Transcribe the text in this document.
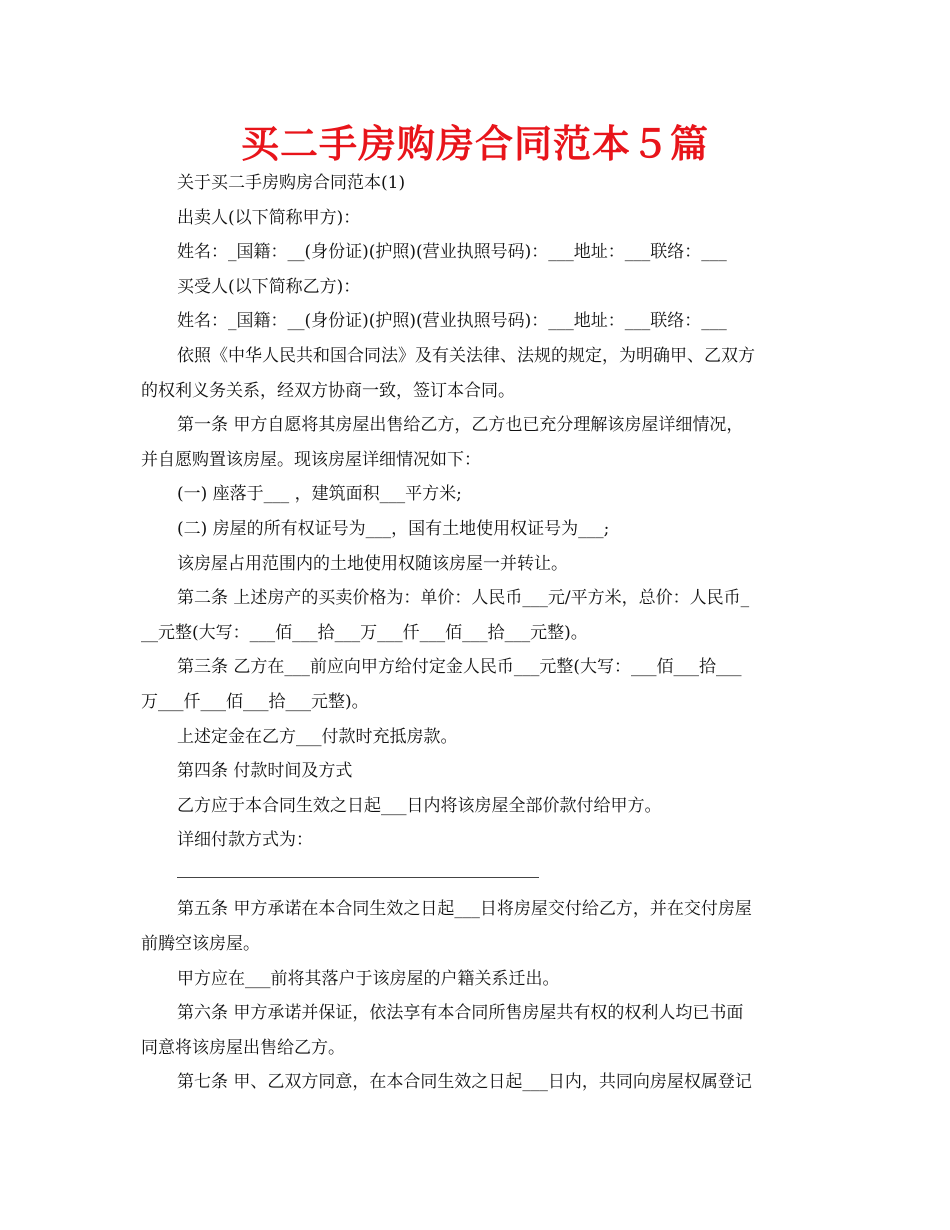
买二手房购房合同范本５篇

关于买二手房购房合同范本(1)

出卖人(以下简称甲方)：

姓名：_国籍：__(身份证)(护照)(营业执照号码)：___地址：___联络：___

买受人(以下简称乙方)：

姓名：_国籍：__(身份证)(护照)(营业执照号码)：___地址：___联络：___

依照《中华人民共和国合同法》及有关法律、法规的规定，为明确甲、乙双方

的权利义务关系，经双方协商一致，签订本合同。

第一条 甲方自愿将其房屋出售给乙方，乙方也已充分理解该房屋详细情况，

并自愿购置该房屋。现该房屋详细情况如下：

(一) 座落于___ ，建筑面积___平方米;

(二) 房屋的所有权证号为___，国有土地使用权证号为___;

该房屋占用范围内的土地使用权随该房屋一并转让。

第二条 上述房产的买卖价格为：单价：人民币___元/平方米，总价：人民币_

__元整(大写：___佰___拾___万___仟___佰___拾___元整)。

第三条 乙方在___前应向甲方给付定金人民币___元整(大写：___佰___拾___

万___仟___佰___拾___元整)。

上述定金在乙方___付款时充抵房款。

第四条 付款时间及方式

乙方应于本合同生效之日起___日内将该房屋全部价款付给甲方。

详细付款方式为：

第五条 甲方承诺在本合同生效之日起___日将房屋交付给乙方，并在交付房屋

前腾空该房屋。

甲方应在___前将其落户于该房屋的户籍关系迁出。

第六条 甲方承诺并保证，依法享有本合同所售房屋共有权的权利人均已书面

同意将该房屋出售给乙方。

第七条 甲、乙双方同意，在本合同生效之日起___日内，共同向房屋权属登记
